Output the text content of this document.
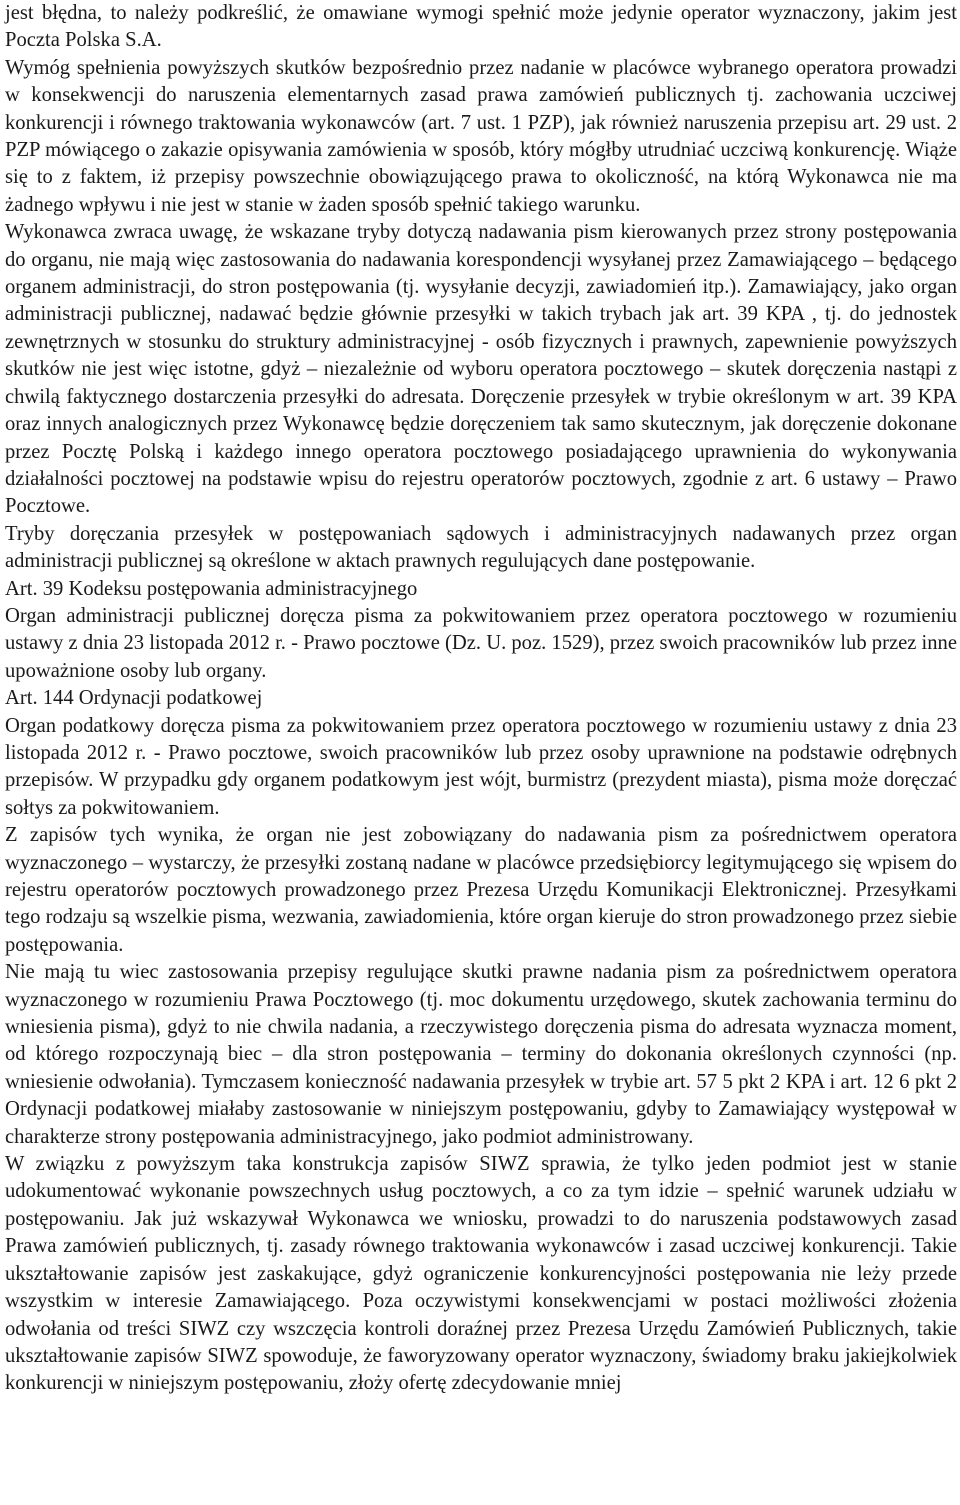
jest błędna, to należy podkreślić, że omawiane wymogi spełnić może jedynie operator wyznaczony, jakim jest Poczta Polska S.A.

Wymóg spełnienia powyższych skutków bezpośrednio przez nadanie w placówce wybranego operatora prowadzi w konsekwencji do naruszenia elementarnych zasad prawa zamówień publicznych tj. zachowania uczciwej konkurencji i równego traktowania wykonawców (art. 7 ust. 1 PZP), jak również naruszenia przepisu art. 29 ust. 2 PZP mówiącego o zakazie opisywania zamówienia w sposób, który mógłby utrudniać uczciwą konkurencję. Wiąże się to z faktem, iż przepisy powszechnie obowiązującego prawa to okoliczność, na którą Wykonawca nie ma żadnego wpływu i nie jest w stanie w żaden sposób spełnić takiego warunku.

Wykonawca zwraca uwagę, że wskazane tryby dotyczą nadawania pism kierowanych przez strony postępowania do organu, nie mają więc zastosowania do nadawania korespondencji wysyłanej przez Zamawiającego – będącego organem administracji, do stron postępowania (tj. wysyłanie decyzji, zawiadomień itp.). Zamawiający, jako organ administracji publicznej, nadawać będzie głównie przesyłki w takich trybach jak art. 39 KPA , tj. do jednostek zewnętrznych w stosunku do struktury administracyjnej - osób fizycznych i prawnych, zapewnienie powyższych skutków nie jest więc istotne, gdyż – niezależnie od wyboru operatora pocztowego – skutek doręczenia nastąpi z chwilą faktycznego dostarczenia przesyłki do adresata. Doręczenie przesyłek w trybie określonym w art. 39 KPA oraz innych analogicznych przez Wykonawcę będzie doręczeniem tak samo skutecznym, jak doręczenie dokonane przez Pocztę Polską i każdego innego operatora pocztowego posiadającego uprawnienia do wykonywania działalności pocztowej na podstawie wpisu do rejestru operatorów pocztowych, zgodnie z art. 6 ustawy – Prawo Pocztowe.

Tryby doręczania przesyłek w postępowaniach sądowych i administracyjnych nadawanych przez organ administracji publicznej są określone w aktach prawnych regulujących dane postępowanie.

Art. 39 Kodeksu postępowania administracyjnego

Organ administracji publicznej doręcza pisma za pokwitowaniem przez operatora pocztowego w rozumieniu ustawy z dnia 23 listopada 2012 r. - Prawo pocztowe (Dz. U. poz. 1529), przez swoich pracowników lub przez inne upoważnione osoby lub organy.

Art. 144 Ordynacji podatkowej

Organ podatkowy doręcza pisma za pokwitowaniem przez operatora pocztowego w rozumieniu ustawy z dnia 23 listopada 2012 r. - Prawo pocztowe, swoich pracowników lub przez osoby uprawnione na podstawie odrębnych przepisów. W przypadku gdy organem podatkowym jest wójt, burmistrz (prezydent miasta), pisma może doręczać sołtys za pokwitowaniem.

Z zapisów tych wynika, że organ nie jest zobowiązany do nadawania pism za pośrednictwem operatora wyznaczonego – wystarczy, że przesyłki zostaną nadane w placówce przedsiębiorcy legitymującego się wpisem do rejestru operatorów pocztowych prowadzonego przez Prezesa Urzędu Komunikacji Elektronicznej. Przesyłkami tego rodzaju są wszelkie pisma, wezwania, zawiadomienia, które organ kieruje do stron prowadzonego przez siebie postępowania.

Nie mają tu wiec zastosowania przepisy regulujące skutki prawne nadania pism za pośrednictwem operatora wyznaczonego w rozumieniu Prawa Pocztowego (tj. moc dokumentu urzędowego, skutek zachowania terminu do wniesienia pisma), gdyż to nie chwila nadania, a rzeczywistego doręczenia pisma do adresata wyznacza moment, od którego rozpoczynają biec – dla stron postępowania – terminy do dokonania określonych czynności (np. wniesienie odwołania). Tymczasem konieczność nadawania przesyłek w trybie art. 57 5 pkt 2 KPA i art. 12 6 pkt 2 Ordynacji podatkowej miałaby zastosowanie w niniejszym postępowaniu, gdyby to Zamawiający występował w charakterze strony postępowania administracyjnego, jako podmiot administrowany.

W związku z powyższym taka konstrukcja zapisów SIWZ sprawia, że tylko jeden podmiot jest w stanie udokumentować wykonanie powszechnych usług pocztowych, a co za tym idzie – spełnić warunek udziału w postępowaniu. Jak już wskazywał Wykonawca we wniosku, prowadzi to do naruszenia podstawowych zasad Prawa zamówień publicznych, tj. zasady równego traktowania wykonawców i zasad uczciwej konkurencji. Takie ukształtowanie zapisów jest zaskakujące, gdyż ograniczenie konkurencyjności postępowania nie leży przede wszystkim w interesie Zamawiającego. Poza oczywistymi konsekwencjami w postaci możliwości złożenia odwołania od treści SIWZ czy wszczęcia kontroli doraźnej przez Prezesa Urzędu Zamówień Publicznych, takie ukształtowanie zapisów SIWZ spowoduje, że faworyzowany operator wyznaczony, świadomy braku jakiejkolwiek konkurencji w niniejszym postępowaniu, złoży ofertę zdecydowanie mniej
